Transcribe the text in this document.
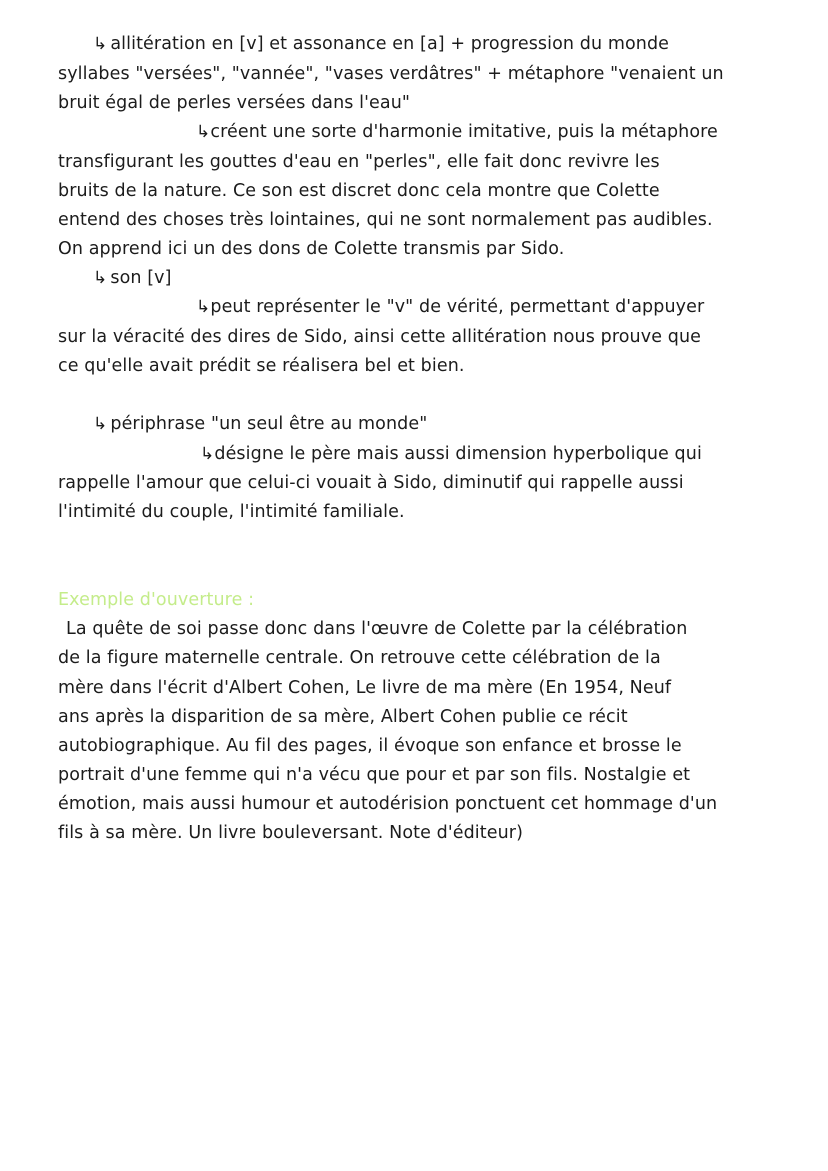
↳ allitération en [v] et assonance en [a] + progression du monde
syllabes "versées", "vannée", "vases verdâtres" + métaphore "venaient un
bruit égal de perles versées dans l'eau"
↳créent une sorte d'harmonie imitative, puis la métaphore
transfigurant les gouttes d'eau en "perles", elle fait donc revivre les
bruits de la nature. Ce son est discret donc cela montre que Colette
entend des choses très lointaines, qui ne sont normalement pas audibles.
On apprend ici un des dons de Colette transmis par Sido.
↳ son [v]
↳peut représenter le "v" de vérité, permettant d'appuyer
sur la véracité des dires de Sido, ainsi cette allitération nous prouve que
ce qu'elle avait prédit se réalisera bel et bien.
↳ périphrase "un seul être au monde"
↳désigne le père mais aussi dimension hyperbolique qui
rappelle l'amour que celui-ci vouait à Sido, diminutif qui rappelle aussi
l'intimité du couple, l'intimité familiale.
Exemple d'ouverture :
La quête de soi passe donc dans l'œuvre de Colette par la célébration
de la figure maternelle centrale. On retrouve cette célébration de la
mère dans l'écrit d'Albert Cohen, Le livre de ma mère (En 1954, Neuf
ans après la disparition de sa mère, Albert Cohen publie ce récit
autobiographique. Au fil des pages, il évoque son enfance et brosse le
portrait d'une femme qui n'a vécu que pour et par son fils. Nostalgie et
émotion, mais aussi humour et autodérision ponctuent cet hommage d'un
fils à sa mère. Un livre bouleversant. Note d'éditeur)
